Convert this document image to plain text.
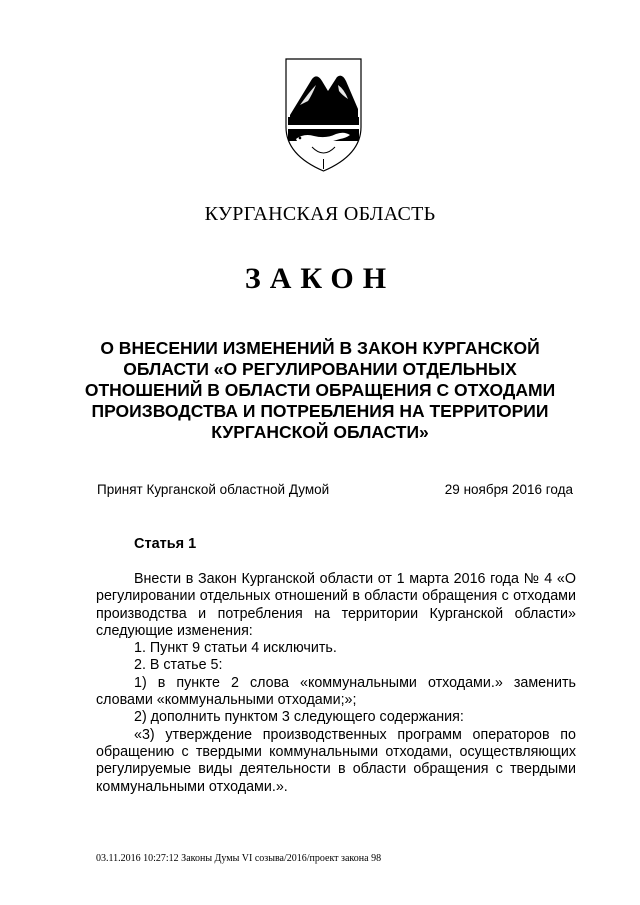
КУРГАНСКАЯ ОБЛАСТЬ
ЗАКОН
О ВНЕСЕНИИ ИЗМЕНЕНИЙ В ЗАКОН КУРГАНСКОЙ
ОБЛАСТИ «О РЕГУЛИРОВАНИИ ОТДЕЛЬНЫХ
ОТНОШЕНИЙ В ОБЛАСТИ ОБРАЩЕНИЯ С ОТХОДАМИ
ПРОИЗВОДСТВА И ПОТРЕБЛЕНИЯ НА ТЕРРИТОРИИ
КУРГАНСКОЙ ОБЛАСТИ»
Принят Курганской областной Думой	29 ноября 2016 года
Статья 1

Внести в Закон Курганской области от 1 марта 2016 года № 4 «О регулировании отдельных отношений в области обращения с отходами производства и потребления на территории Курганской области» следующие изменения:

1. Пункт 9 статьи 4 исключить.

2. В статье 5:

1) в пункте 2 слова «коммунальными отходами.» заменить словами «коммунальными отходами;»;

2) дополнить пунктом 3 следующего содержания:

«3) утверждение производственных программ операторов по обращению с твердыми коммунальными отходами, осуществляющих регулируемые виды деятельности в области обращения с твердыми коммунальными отходами.».

03.11.2016 10:27:12 Законы Думы VI созыва/2016/проект закона 98
